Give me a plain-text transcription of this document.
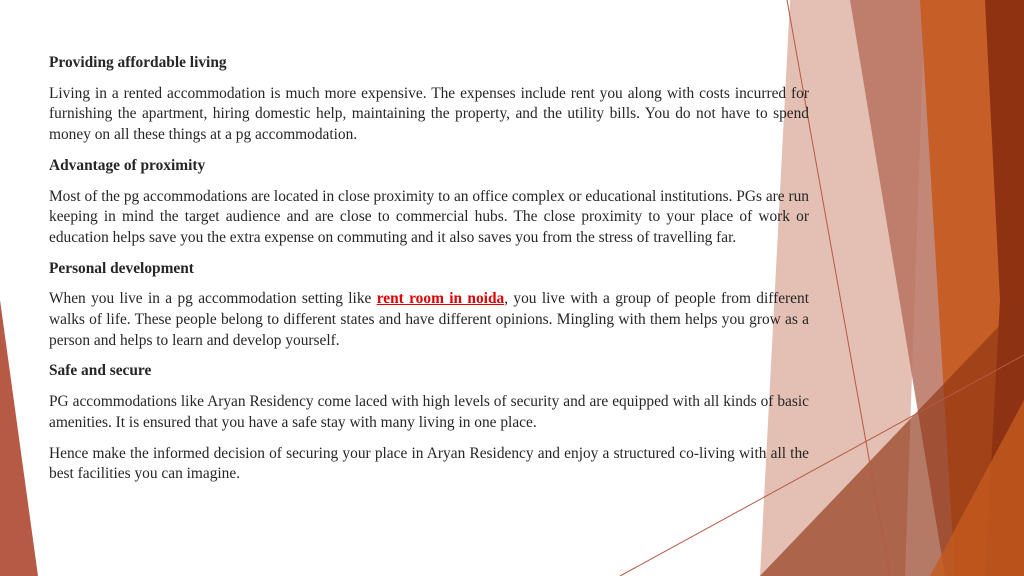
Providing affordable living

Living in a rented accommodation is much more expensive. The expenses include rent you along with costs incurred for furnishing the apartment, hiring domestic help, maintaining the property, and the utility bills. You do not have to spend money on all these things at a pg accommodation.

Advantage of proximity

Most of the pg accommodations are located in close proximity to an office complex or educational institutions. PGs are run keeping in mind the target audience and are close to commercial hubs. The close proximity to your place of work or education helps save you the extra expense on commuting and it also saves you from the stress of travelling far.

Personal development

When you live in a pg accommodation setting like rent room in noida, you live with a group of people from different walks of life. These people belong to different states and have different opinions. Mingling with them helps you grow as a person and helps to learn and develop yourself.

Safe and secure

PG accommodations like Aryan Residency come laced with high levels of security and are equipped with all kinds of basic amenities. It is ensured that you have a safe stay with many living in one place.

Hence make the informed decision of securing your place in Aryan Residency and enjoy a structured co-living with all the best facilities you can imagine.
